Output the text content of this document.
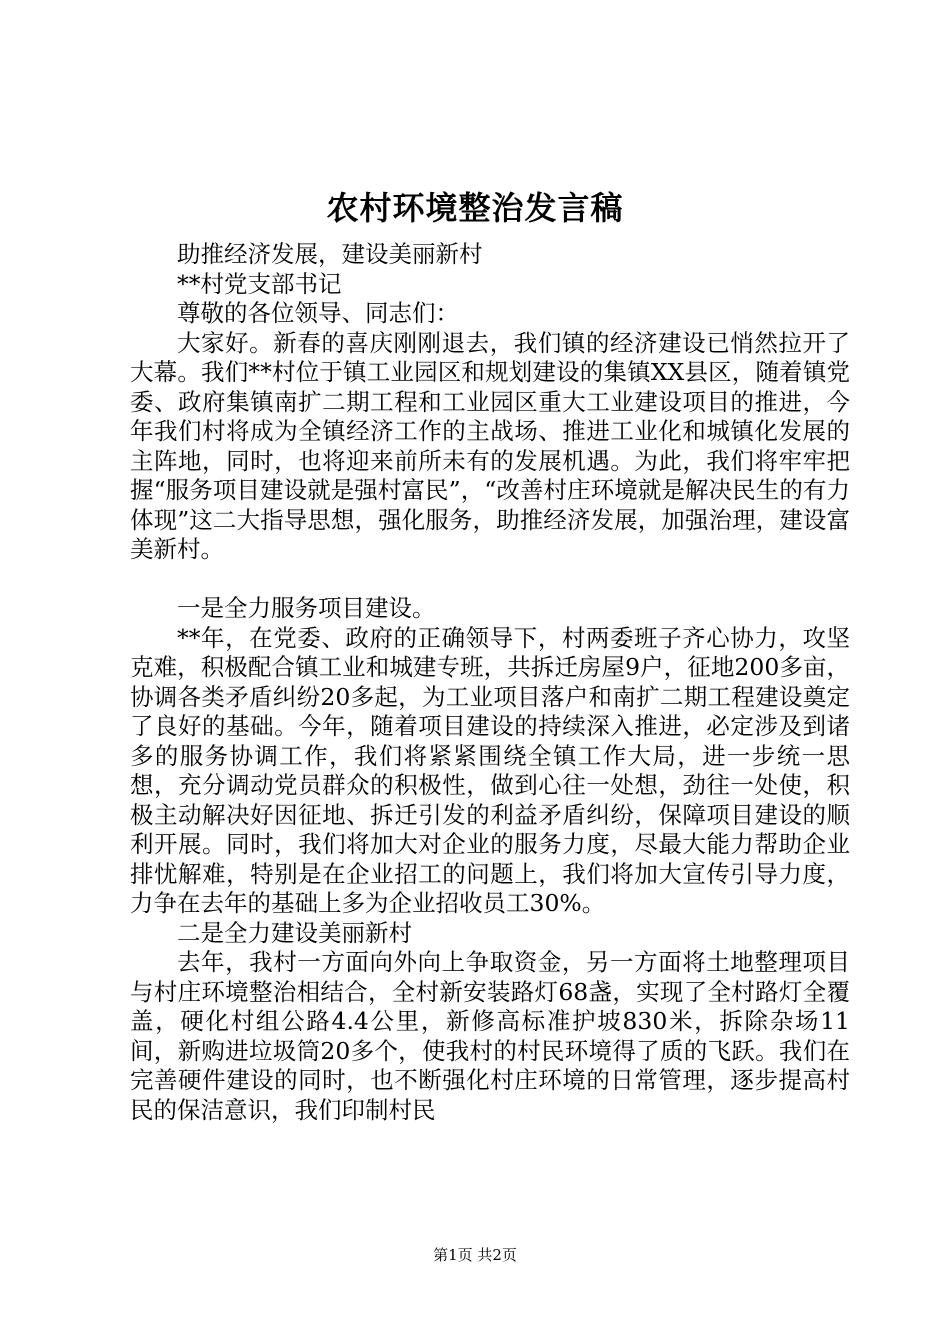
农村环境整治发言稿

助推经济发展，建设美丽新村

**村党支部书记

尊敬的各位领导、同志们：

大家好。新春的喜庆刚刚退去，我们镇的经济建设已悄然拉开了大幕。我们**村位于镇工业园区和规划建设的集镇XX县区，随着镇党委、政府集镇南扩二期工程和工业园区重大工业建设项目的推进，今年我们村将成为全镇经济工作的主战场、推进工业化和城镇化发展的主阵地，同时，也将迎来前所未有的发展机遇。为此，我们将牢牢把握“服务项目建设就是强村富民”，“改善村庄环境就是解决民生的有力体现”这二大指导思想，强化服务，助推经济发展，加强治理，建设富美新村。

一是全力服务项目建设。

**年，在党委、政府的正确领导下，村两委班子齐心协力，攻坚克难，积极配合镇工业和城建专班，共拆迁房屋9户，征地200多亩，协调各类矛盾纠纷20多起，为工业项目落户和南扩二期工程建设奠定了良好的基础。今年，随着项目建设的持续深入推进，必定涉及到诸多的服务协调工作，我们将紧紧围绕全镇工作大局，进一步统一思想，充分调动党员群众的积极性，做到心往一处想，劲往一处使，积极主动解决好因征地、拆迁引发的利益矛盾纠纷，保障项目建设的顺利开展。同时，我们将加大对企业的服务力度，尽最大能力帮助企业排忧解难，特别是在企业招工的问题上，我们将加大宣传引导力度，力争在去年的基础上多为企业招收员工30%。

二是全力建设美丽新村

去年，我村一方面向外向上争取资金，另一方面将土地整理项目与村庄环境整治相结合，全村新安装路灯68盏，实现了全村路灯全覆盖，硬化村组公路4.4公里，新修高标准护坡830米，拆除杂场11间，新购进垃圾筒20多个，使我村的村民环境得了质的飞跃。我们在完善硬件建设的同时，也不断强化村庄环境的日常管理，逐步提高村民的保洁意识，我们印制村民

第1页 共2页
